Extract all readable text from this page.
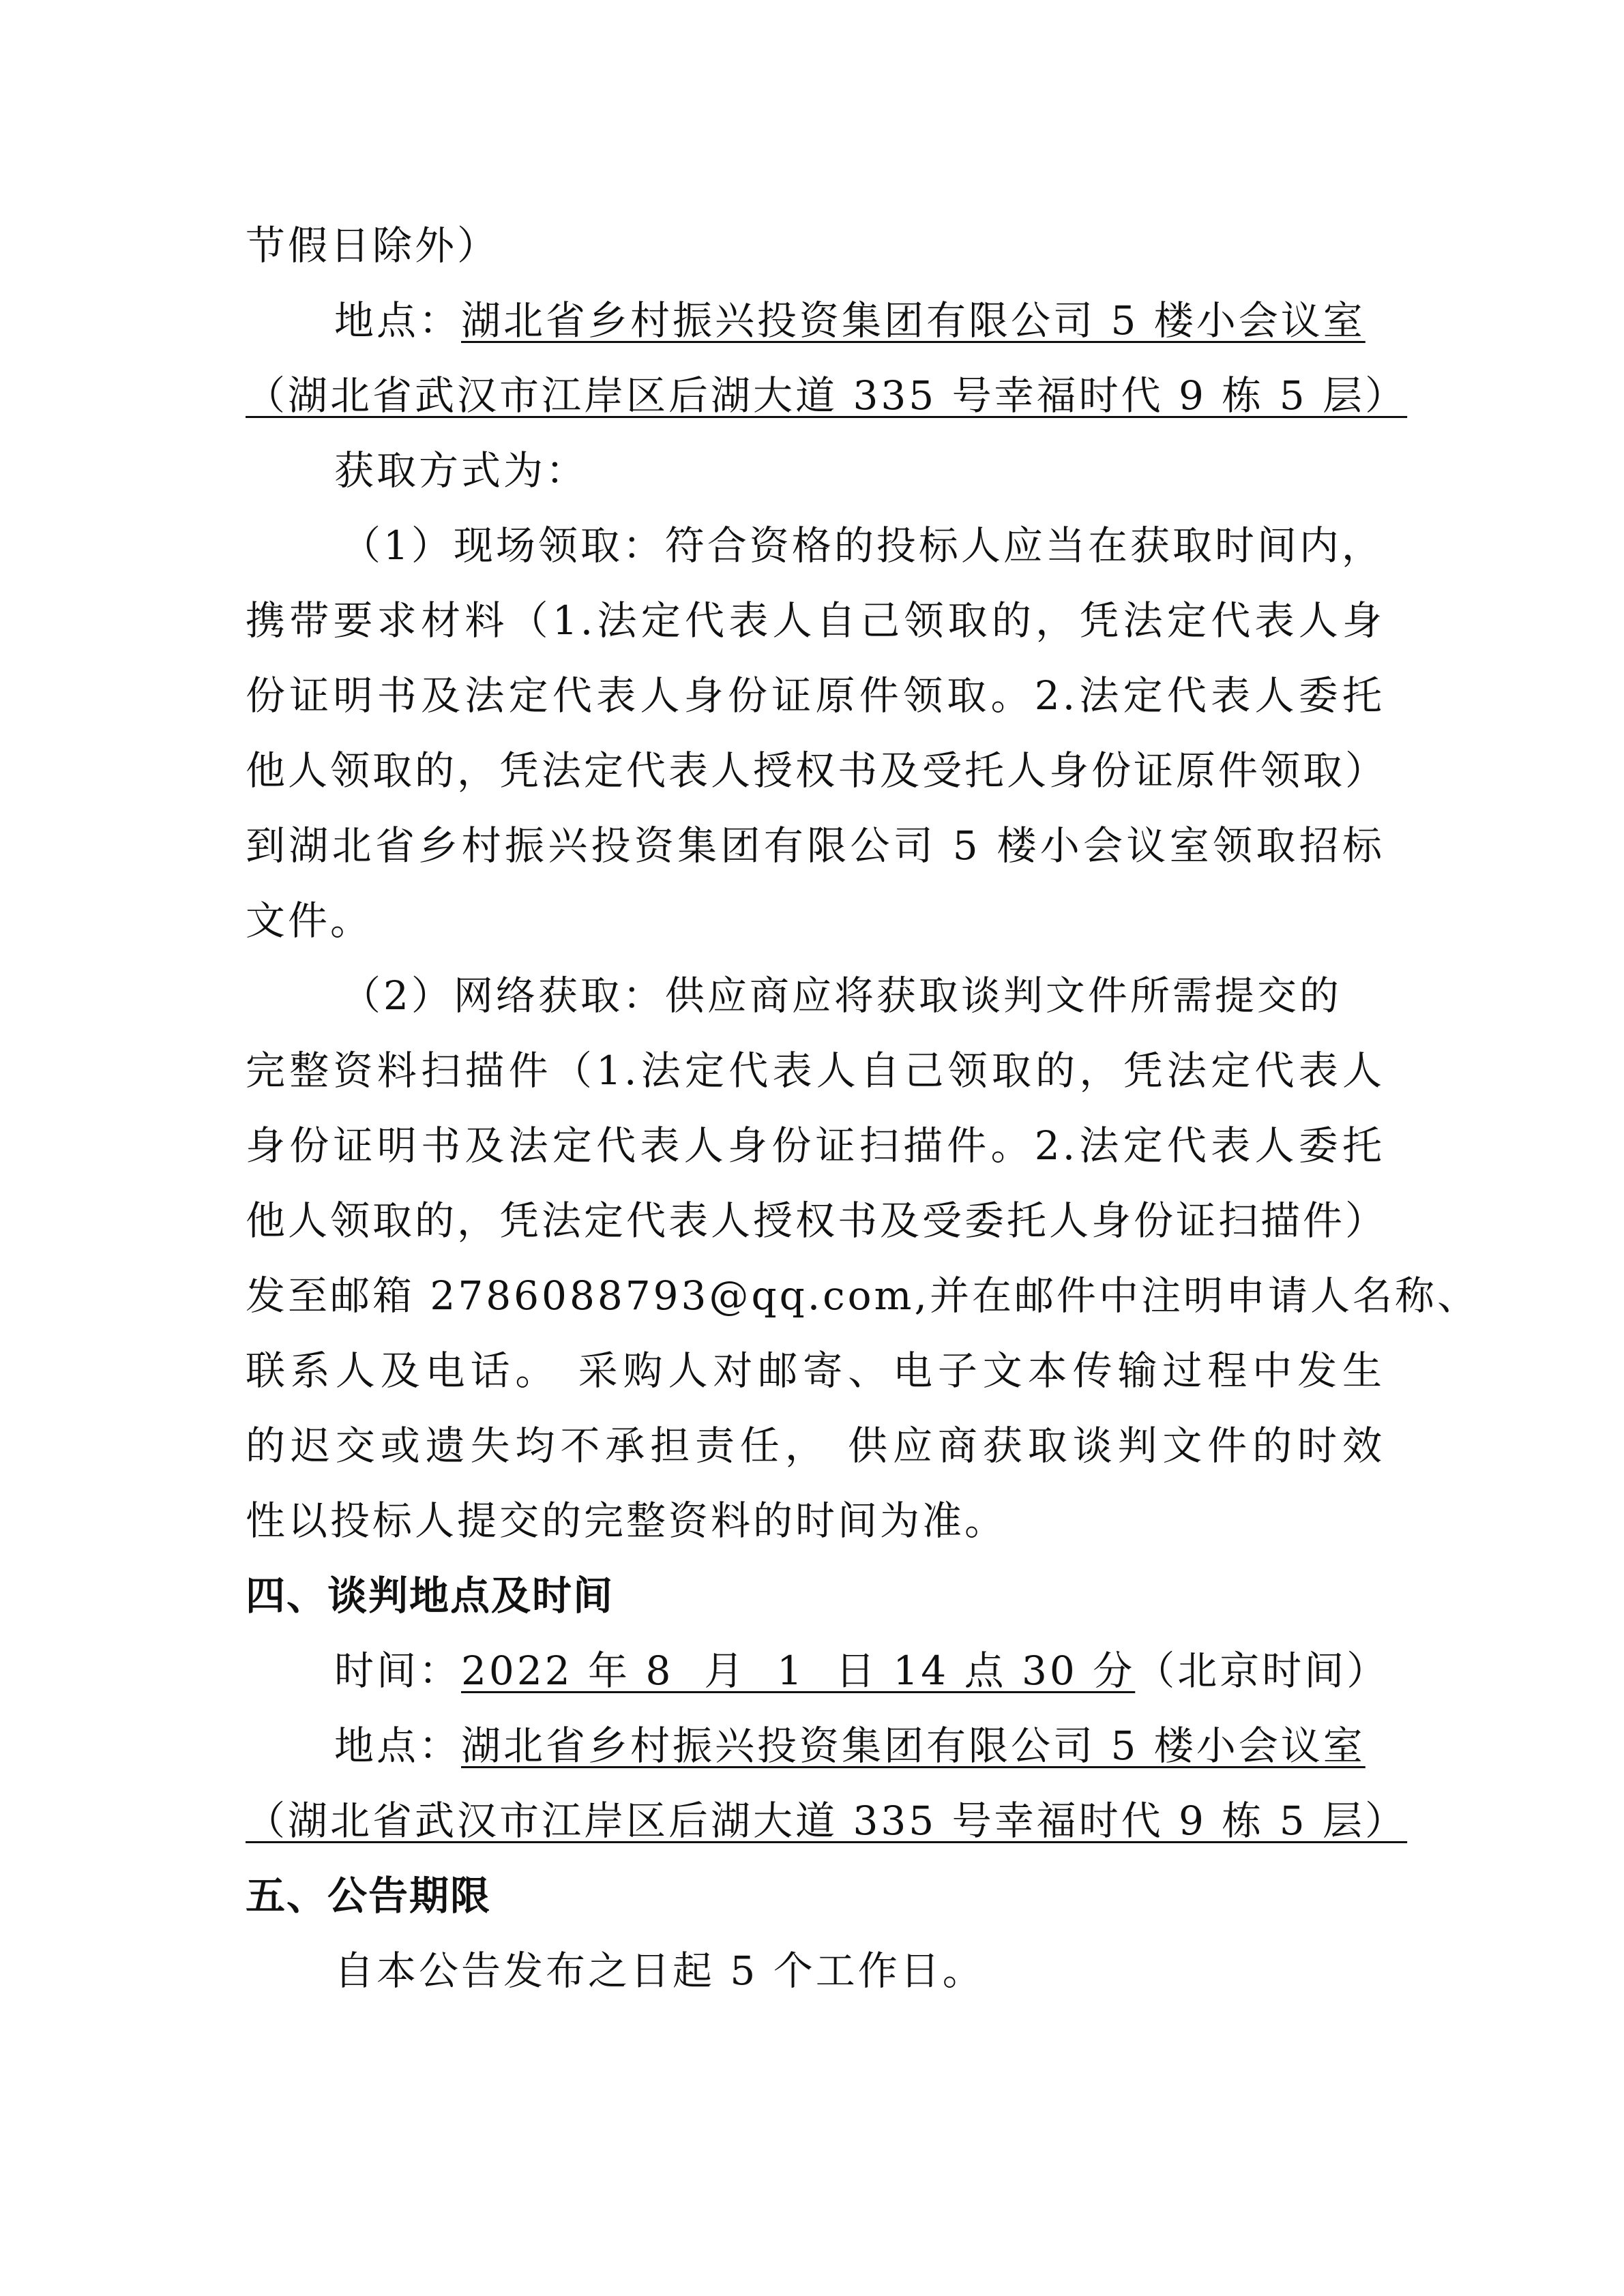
节假日除外）
地点：湖北省乡村振兴投资集团有限公司 5 楼小会议室
（湖北省武汉市江岸区后湖大道 335 号幸福时代 9 栋 5 层）
获取方式为：
（1）现场领取：符合资格的投标人应当在获取时间内，
携带要求材料（1.法定代表人自己领取的，凭法定代表人身
份证明书及法定代表人身份证原件领取。2.法定代表人委托
他人领取的，凭法定代表人授权书及受托人身份证原件领取）
到湖北省乡村振兴投资集团有限公司 5 楼小会议室领取招标
文件。
（2）网络获取：供应商应将获取谈判文件所需提交的
完整资料扫描件（1.法定代表人自己领取的，凭法定代表人
身份证明书及法定代表人身份证扫描件。2.法定代表人委托
他人领取的，凭法定代表人授权书及受委托人身份证扫描件）
发至邮箱 2786088793@qq.com,并在邮件中注明申请人名称、
联系人及电话。 采购人对邮寄、电子文本传输过程中发生
的迟交或遗失均不承担责任， 供应商获取谈判文件的时效
性以投标人提交的完整资料的时间为准。
四、谈判地点及时间
时间：2022 年 8  月  1  日 14 点 30 分（北京时间）
地点：湖北省乡村振兴投资集团有限公司 5 楼小会议室
（湖北省武汉市江岸区后湖大道 335 号幸福时代 9 栋 5 层）
五、公告期限
自本公告发布之日起 5 个工作日。
